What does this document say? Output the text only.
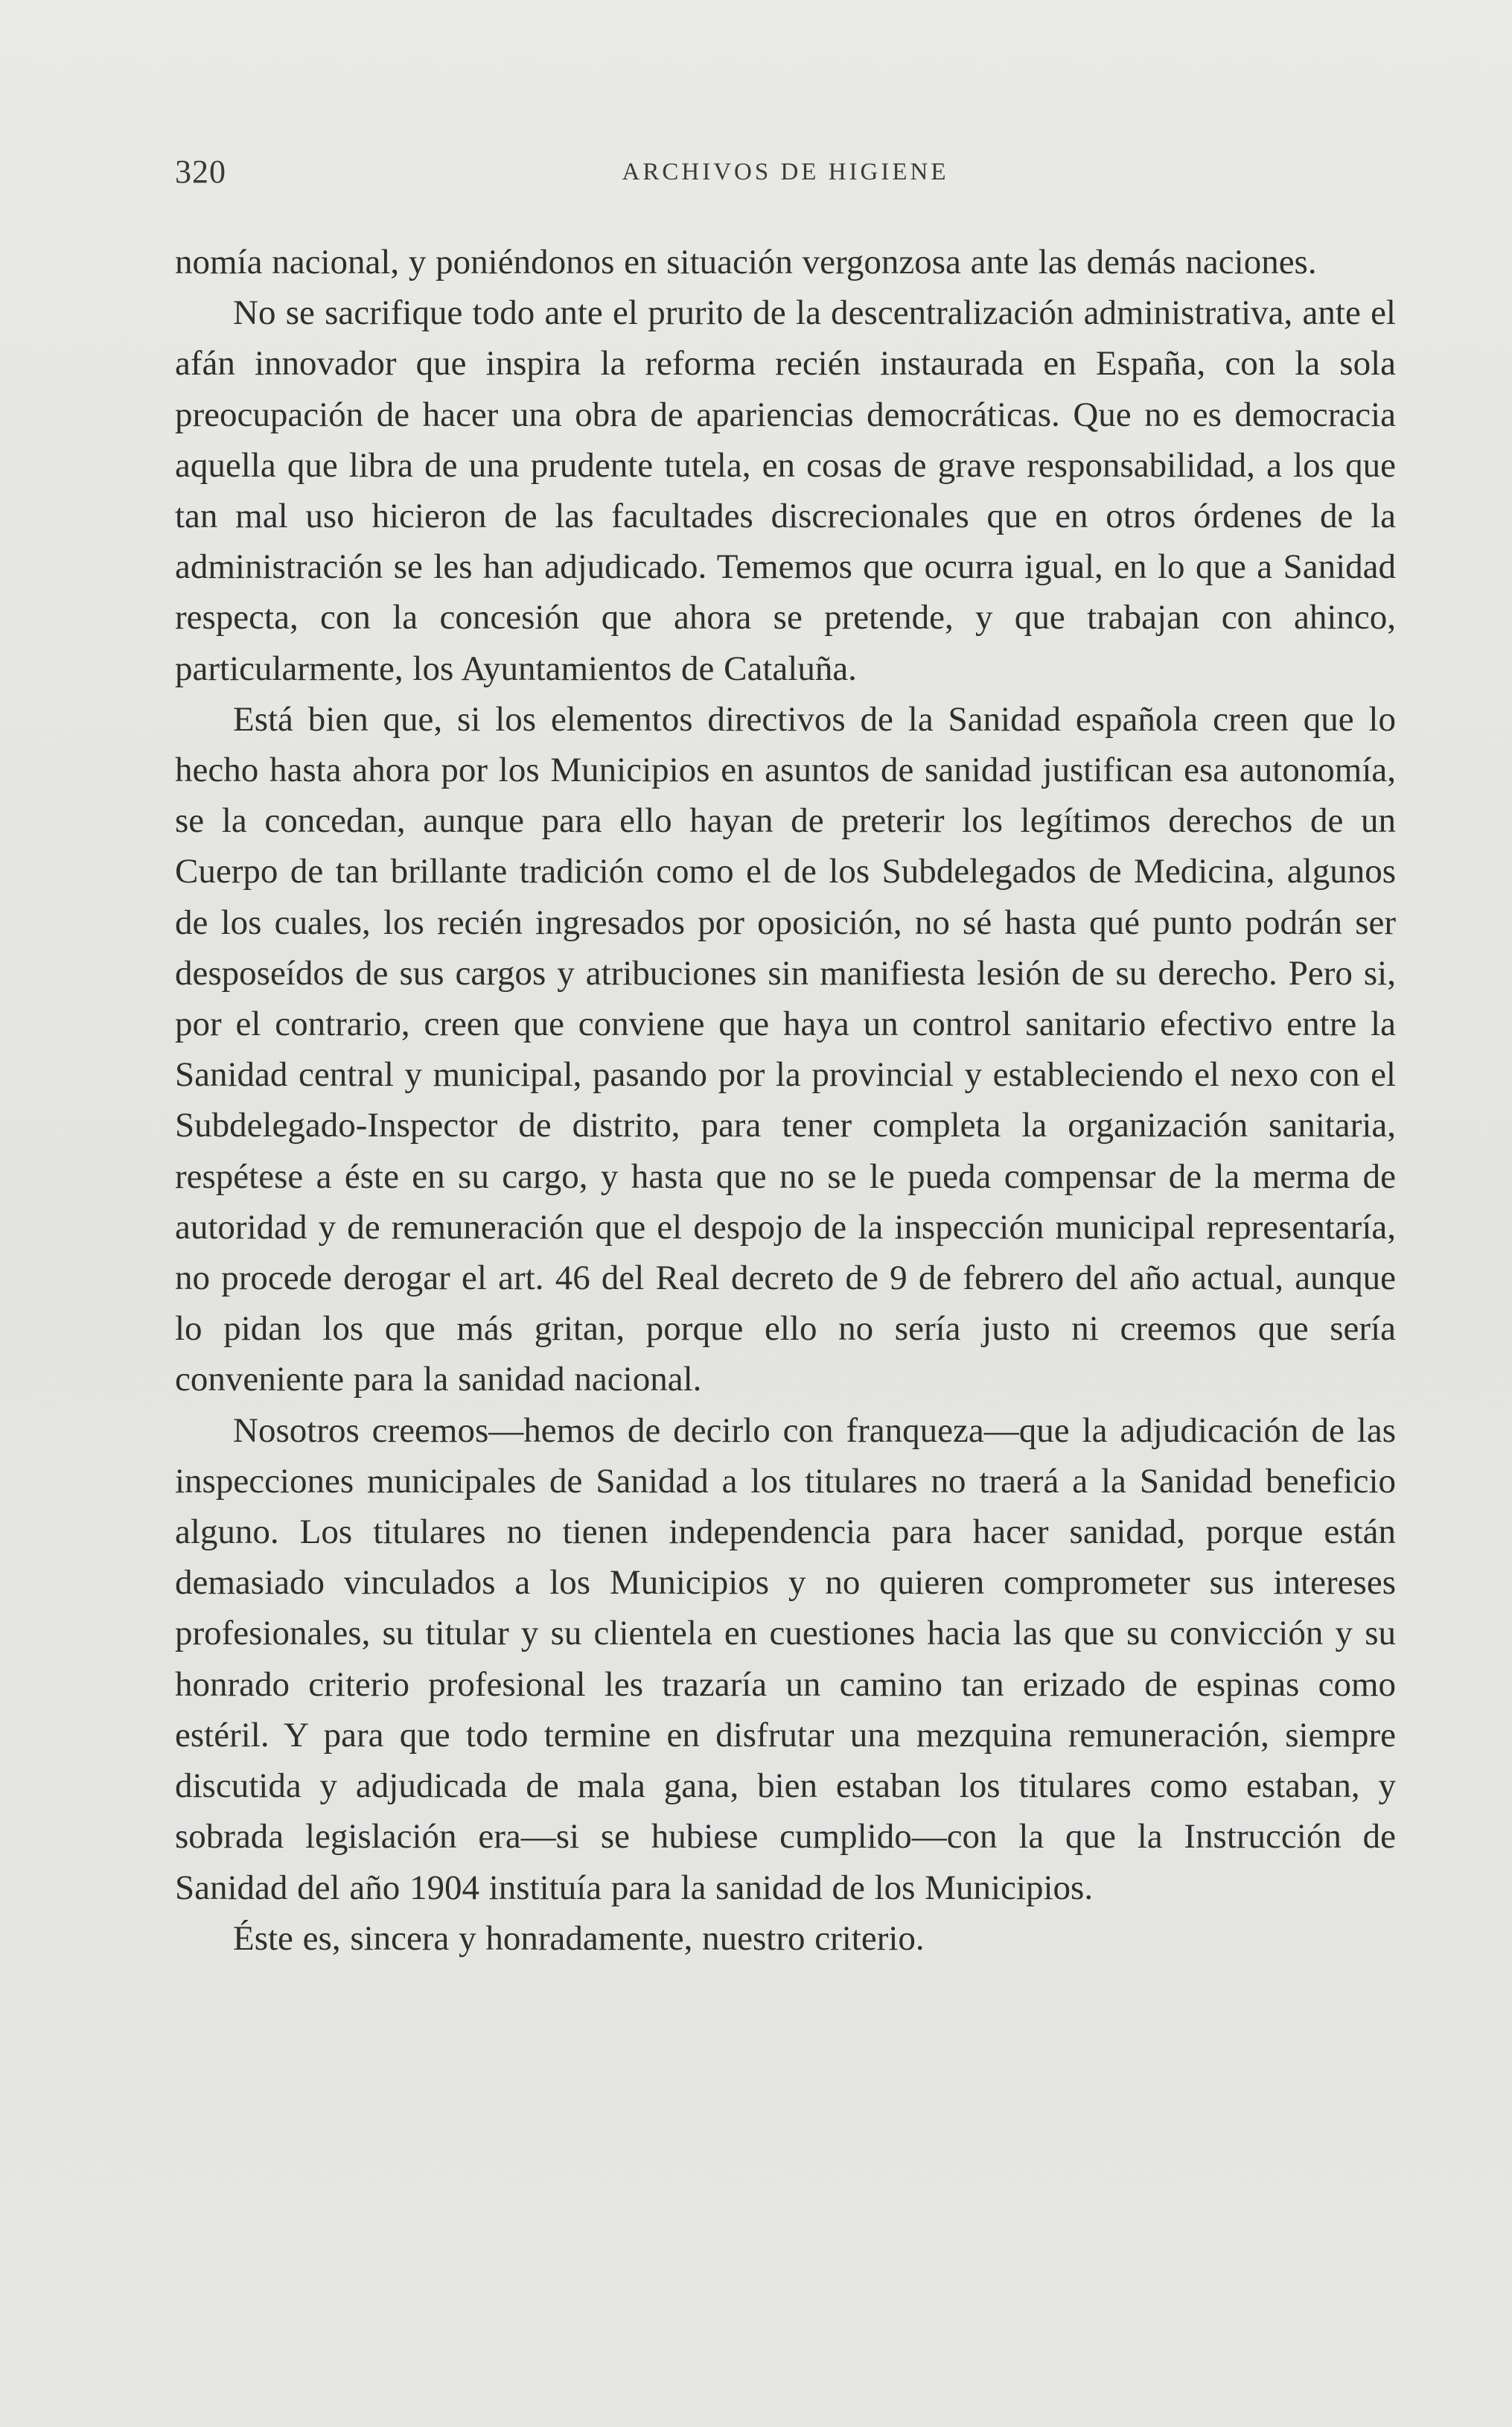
320	ARCHIVOS DE HIGIENE

nomía nacional, y poniéndonos en situación vergonzosa ante las demás naciones.

No se sacrifique todo ante el prurito de la descentralización administrativa, ante el afán innovador que inspira la reforma recién instaurada en España, con la sola preocupación de hacer una obra de apariencias democráticas. Que no es democracia aquella que libra de una prudente tutela, en cosas de grave responsabilidad, a los que tan mal uso hicieron de las facultades discrecionales que en otros órdenes de la administración se les han adjudicado. Tememos que ocurra igual, en lo que a Sanidad respecta, con la concesión que ahora se pretende, y que trabajan con ahinco, particularmente, los Ayuntamientos de Cataluña.

Está bien que, si los elementos directivos de la Sanidad española creen que lo hecho hasta ahora por los Municipios en asuntos de sanidad justifican esa autonomía, se la concedan, aunque para ello hayan de preterir los legítimos derechos de un Cuerpo de tan brillante tradición como el de los Subdelegados de Medicina, algunos de los cuales, los recién ingresados por oposición, no sé hasta qué punto podrán ser desposeídos de sus cargos y atribuciones sin manifiesta lesión de su derecho. Pero si, por el contrario, creen que conviene que haya un control sanitario efectivo entre la Sanidad central y municipal, pasando por la provincial y estableciendo el nexo con el Subdelegado-Inspector de distrito, para tener completa la organización sanitaria, respétese a éste en su cargo, y hasta que no se le pueda compensar de la merma de autoridad y de remuneración que el despojo de la inspección municipal representaría, no procede derogar el art. 46 del Real decreto de 9 de febrero del año actual, aunque lo pidan los que más gritan, porque ello no sería justo ni creemos que sería conveniente para la sanidad nacional.

Nosotros creemos—hemos de decirlo con franqueza—que la adjudicación de las inspecciones municipales de Sanidad a los titulares no traerá a la Sanidad beneficio alguno. Los titulares no tienen independencia para hacer sanidad, porque están demasiado vinculados a los Municipios y no quieren comprometer sus intereses profesionales, su titular y su clientela en cuestiones hacia las que su convicción y su honrado criterio profesional les trazaría un camino tan erizado de espinas como estéril. Y para que todo termine en disfrutar una mezquina remuneración, siempre discutida y adjudicada de mala gana, bien estaban los titulares como estaban, y sobrada legislación era—si se hubiese cumplido—con la que la Instrucción de Sanidad del año 1904 instituía para la sanidad de los Municipios.

Éste es, sincera y honradamente, nuestro criterio.
